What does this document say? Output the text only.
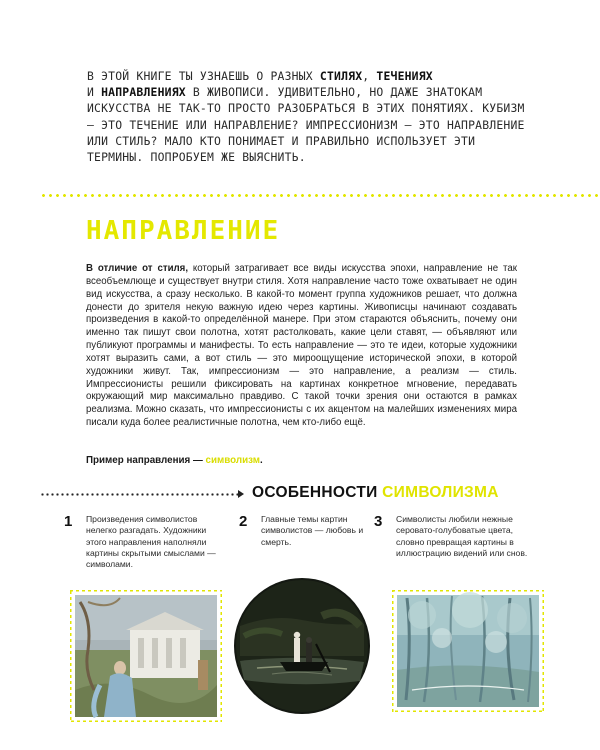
В ЭТОЙ КНИГЕ ТЫ УЗНАЕШЬ О РАЗНЫХ СТИЛЯХ, ТЕЧЕНИЯХ
И НАПРАВЛЕНИЯХ В ЖИВОПИСИ. УДИВИТЕЛЬНО, НО ДАЖЕ ЗНАТОКАМ ИСКУССТВА НЕ ТАК-ТО ПРОСТО РАЗОБРАТЬСЯ В ЭТИХ ПОНЯТИЯХ. КУБИЗМ — ЭТО ТЕЧЕНИЕ ИЛИ НАПРАВЛЕНИЕ? ИМПРЕССИОНИЗМ — ЭТО НАПРАВЛЕНИЕ ИЛИ СТИЛЬ? МАЛО КТО ПОНИМАЕТ И ПРАВИЛЬНО ИСПОЛЬЗУЕТ ЭТИ ТЕРМИНЫ. ПОПРОБУЕМ ЖЕ ВЫЯСНИТЬ.
НАПРАВЛЕНИЕ
В отличие от стиля, который затрагивает все виды искусства эпохи, направление не так всеобъемлюще и существует внутри стиля. Хотя направление часто тоже охватывает не один вид искусства, а сразу несколько. В какой-то момент группа художников решает, что должна донести до зрителя некую важную идею через картины. Живописцы начинают создавать произведения в какой-то определённой манере. При этом стараются объяснить, почему они именно так пишут свои полотна, хотят растолковать, какие цели ставят, — объявляют или публикуют программы и манифесты. То есть направление — это те идеи, которые художники хотят выразить сами, а вот стиль — это мироощущение исторической эпохи, в которой художники живут. Так, импрессионизм — это направление, а реализм — стиль. Импрессионисты решили фиксировать на картинах конкретное мгновение, передавать окружающий мир максимально правдиво. С такой точки зрения они остаются в рамках реализма. Можно сказать, что импрессионисты с их акцентом на малейших изменениях мира писали куда более реалистичные полотна, чем кто-либо ещё.
Пример направления — символизм.
ОСОБЕННОСТИ СИМВОЛИЗМА
1 Произведения символистов нелегко разгадать. Художники этого направления наполняли картины скрытыми смыслами — символами.
2 Главные темы картин символистов — любовь и смерть.
3 Символисты любили нежные серовато-голубоватые цвета, словно превращая картины в иллюстрацию видений или снов.
